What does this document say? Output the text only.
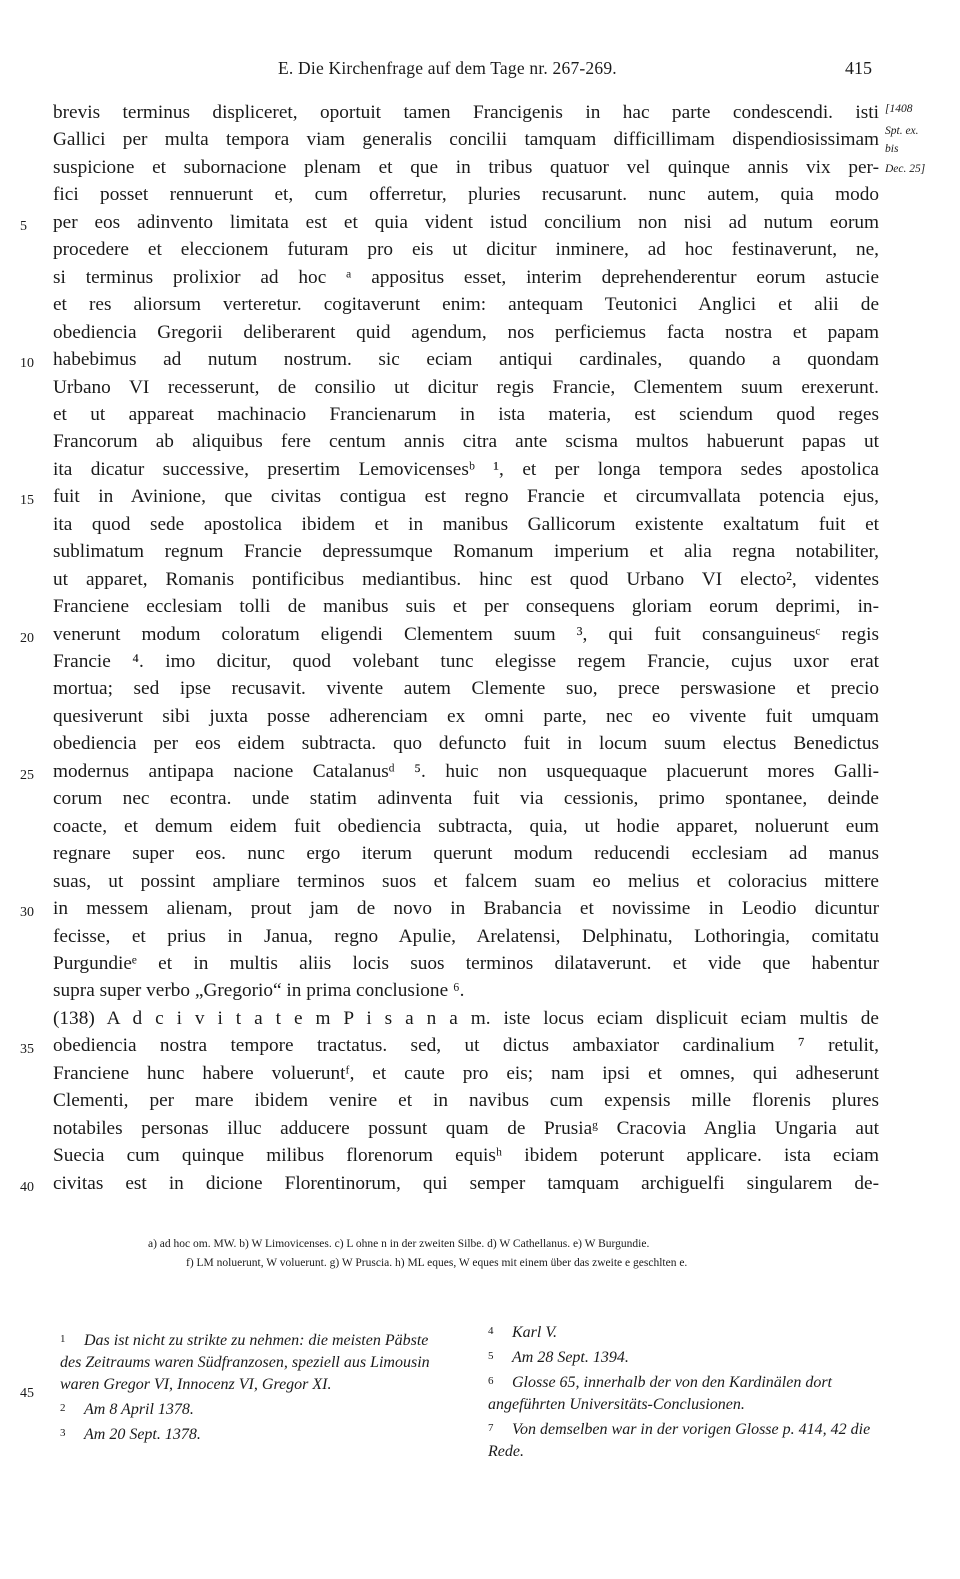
E. Die Kirchenfrage auf dem Tage nr. 267-269.	415
[1408
Spt. ex.
bis
Dec. 25]
brevis terminus displiceret, oportuit tamen Francigenis in hac parte condescendi. isti
Gallici per multa tempora viam generalis concilii tamquam difficillimam dispendiosissimam
suspicione et subornacione plenam et que in tribus quatuor vel quinque annis vix per-
fici posset rennuerunt et, cum offerretur, pluries recusarunt. nunc autem, quia modo
per eos adinvento limitata est et quia vident istud concilium non nisi ad nutum eorum
5
procedere et eleccionem futuram pro eis ut dicitur inminere, ad hoc festinaverunt, ne,
si terminus prolixior ad hoc ᵃ appositus esset, interim deprehenderentur eorum astucie
et res aliorsum verteretur. cogitaverunt enim: antequam Teutonici Anglici et alii de
obediencia Gregorii deliberarent quid agendum, nos perficiemus facta nostra et papam
habebimus ad nutum nostrum. sic eciam antiqui cardinales, quando a quondam
10
Urbano VI recesserunt, de consilio ut dicitur regis Francie, Clementem suum erexerunt.
et ut appareat machinacio Francienarum in ista materia, est sciendum quod reges
Francorum ab aliquibus fere centum annis citra ante scisma multos habuerunt papas ut
ita dicatur successive, presertim Lemovicensesᵇ ¹, et per longa tempora sedes apostolica
fuit in Avinione, que civitas contigua est regno Francie et circumvallata potencia ejus,
15
ita quod sede apostolica ibidem et in manibus Gallicorum existente exaltatum fuit et
sublimatum regnum Francie depressumque Romanum imperium et alia regna notabiliter,
ut apparet, Romanis pontificibus mediantibus. hinc est quod Urbano VI electo², videntes
Franciene ecclesiam tolli de manibus suis et per consequens gloriam eorum deprimi, in-
venerunt modum coloratum eligendi Clementem suum ³, qui fuit consanguineusᶜ regis
20
Francie ⁴. imo dicitur, quod volebant tunc elegisse regem Francie, cujus uxor erat
mortua; sed ipse recusavit. vivente autem Clemente suo, prece perswasione et precio
quesiverunt sibi juxta posse adherenciam ex omni parte, nec eo vivente fuit umquam
obediencia per eos eidem subtracta. quo defuncto fuit in locum suum electus Benedictus
modernus antipapa nacione Catalanusᵈ ⁵. huic non usquequaque placuerunt mores Galli-
25
corum nec econtra. unde statim adinventa fuit via cessionis, primo spontanee, deinde
coacte, et demum eidem fuit obediencia subtracta, quia, ut hodie apparet, noluerunt eum
regnare super eos. nunc ergo iterum querunt modum reducendi ecclesiam ad manus
suas, ut possint ampliare terminos suos et falcem suam eo melius et coloracius mittere
in messem alienam, prout jam de novo in Brabancia et novissime in Leodio dicuntur
30
fecisse, et prius in Janua, regno Apulie, Arelatensi, Delphinatu, Lothoringia, comitatu
Purgundieᵉ et in multis aliis locis suos terminos dilataverunt. et vide que habentur
supra super verbo „Gregorio“ in prima conclusione ⁶.
(138) A d c i v i t a t e m P i s a n a m. iste locus eciam displicuit eciam multis de
obediencia nostra tempore tractatus. sed, ut dictus ambaxiator cardinalium ⁷ retulit,
35
Franciene hunc habere volueruntᶠ, et caute pro eis; nam ipsi et omnes, qui adheserunt
Clementi, per mare ibidem venire et in navibus cum expensis mille florenis plures
notabiles personas illuc adducere possunt quam de Prusiaᵍ Cracovia Anglia Ungaria aut
Suecia cum quinque milibus florenorum equisʰ ibidem poterunt applicare. ista eciam
civitas est in dicione Florentinorum, qui semper tamquam archiguelfi singularem de-
40
a) ad hoc om. MW. b) W Limovicenses. c) L ohne n in der zweiten Silbe. d) W Cathellanus. e) W Burgundie.
f) LM noluerunt, W voluerunt. g) W Pruscia. h) ML eques, W eques mit einem über das zweite e geschlten e.
1 Das ist nicht zu strikte zu nehmen: die meisten Päbste des Zeitraums waren Südfranzosen, speziell aus Limousin waren Gregor VI, Innocenz VI, Gregor XI.
2 Am 8 April 1378.
3 Am 20 Sept. 1378.
4 Karl V.
5 Am 28 Sept. 1394.
6 Glosse 65, innerhalb der von den Kardinälen dort angeführten Universitäts-Conclusionen.
7 Von demselben war in der vorigen Glosse p. 414, 42 die Rede.
45
